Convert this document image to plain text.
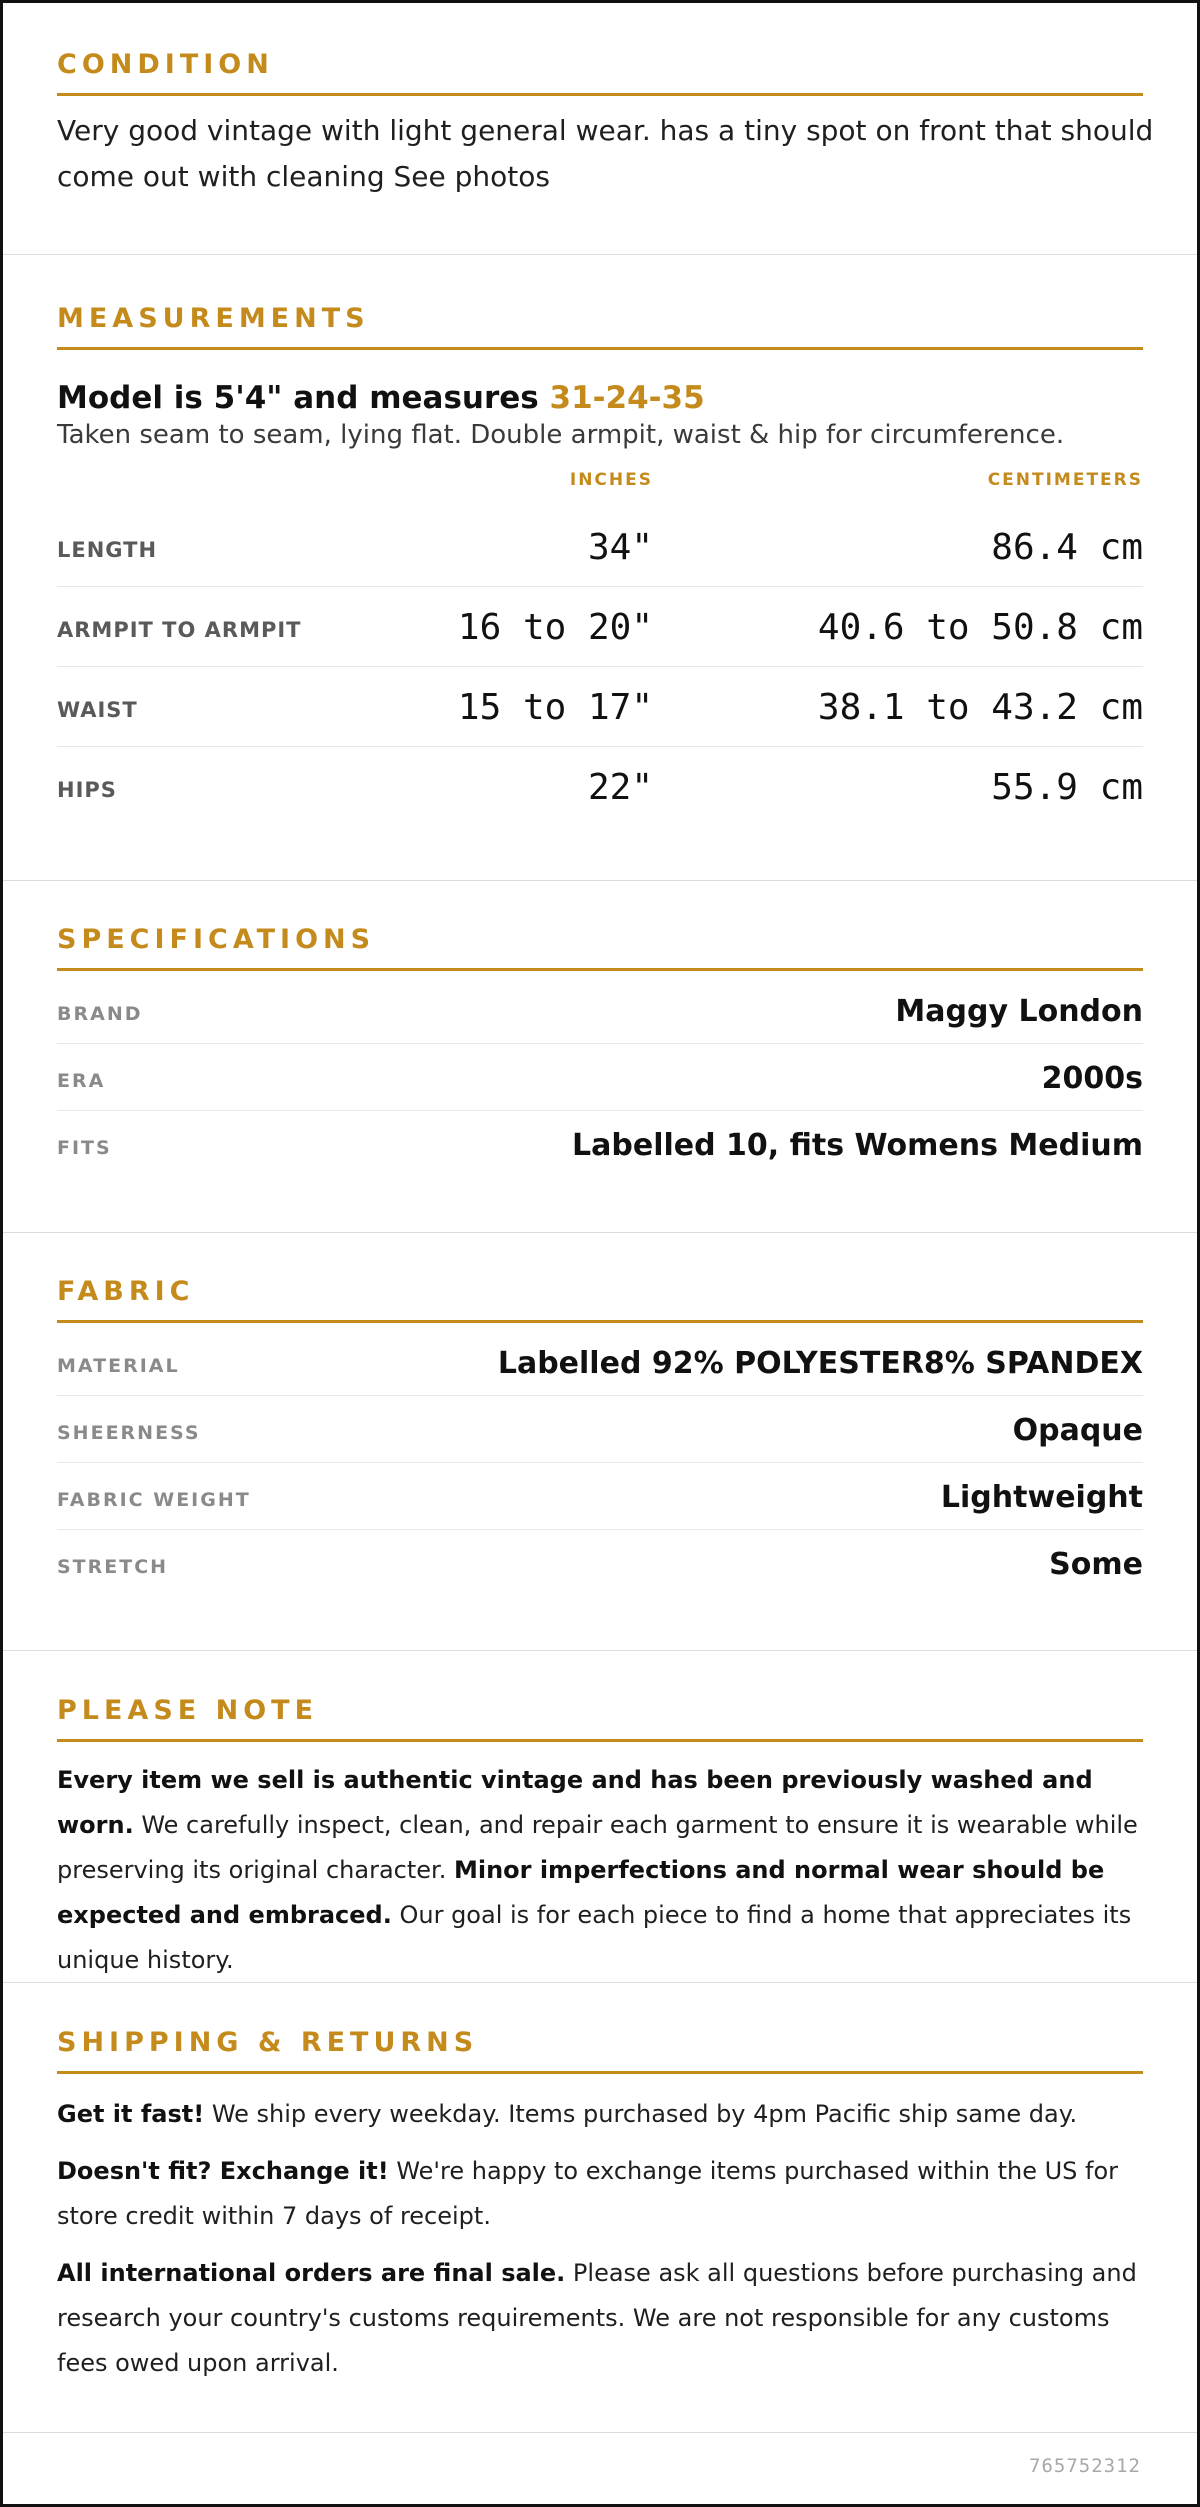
CONDITION
Very good vintage with light general wear. has a tiny spot on front that should come out with cleaning See photos
MEASUREMENTS
Model is 5'4" and measures 31-24-35
Taken seam to seam, lying flat. Double armpit, waist & hip for circumference.
INCHES	CENTIMETERS
LENGTH	34"	86.4 cm
ARMPIT TO ARMPIT	16 to 20"	40.6 to 50.8 cm
WAIST	15 to 17"	38.1 to 43.2 cm
HIPS	22"	55.9 cm
SPECIFICATIONS
BRAND	Maggy London
ERA	2000s
FITS	Labelled 10, fits Womens Medium
FABRIC
MATERIAL	Labelled 92% POLYESTER8% SPANDEX
SHEERNESS	Opaque
FABRIC WEIGHT	Lightweight
STRETCH	Some
PLEASE NOTE
Every item we sell is authentic vintage and has been previously washed and worn. We carefully inspect, clean, and repair each garment to ensure it is wearable while preserving its original character. Minor imperfections and normal wear should be expected and embraced. Our goal is for each piece to find a home that appreciates its unique history.
SHIPPING & RETURNS
Get it fast! We ship every weekday. Items purchased by 4pm Pacific ship same day.
Doesn't fit? Exchange it! We're happy to exchange items purchased within the US for store credit within 7 days of receipt.
All international orders are final sale. Please ask all questions before purchasing and research your country's customs requirements. We are not responsible for any customs fees owed upon arrival.
765752312
